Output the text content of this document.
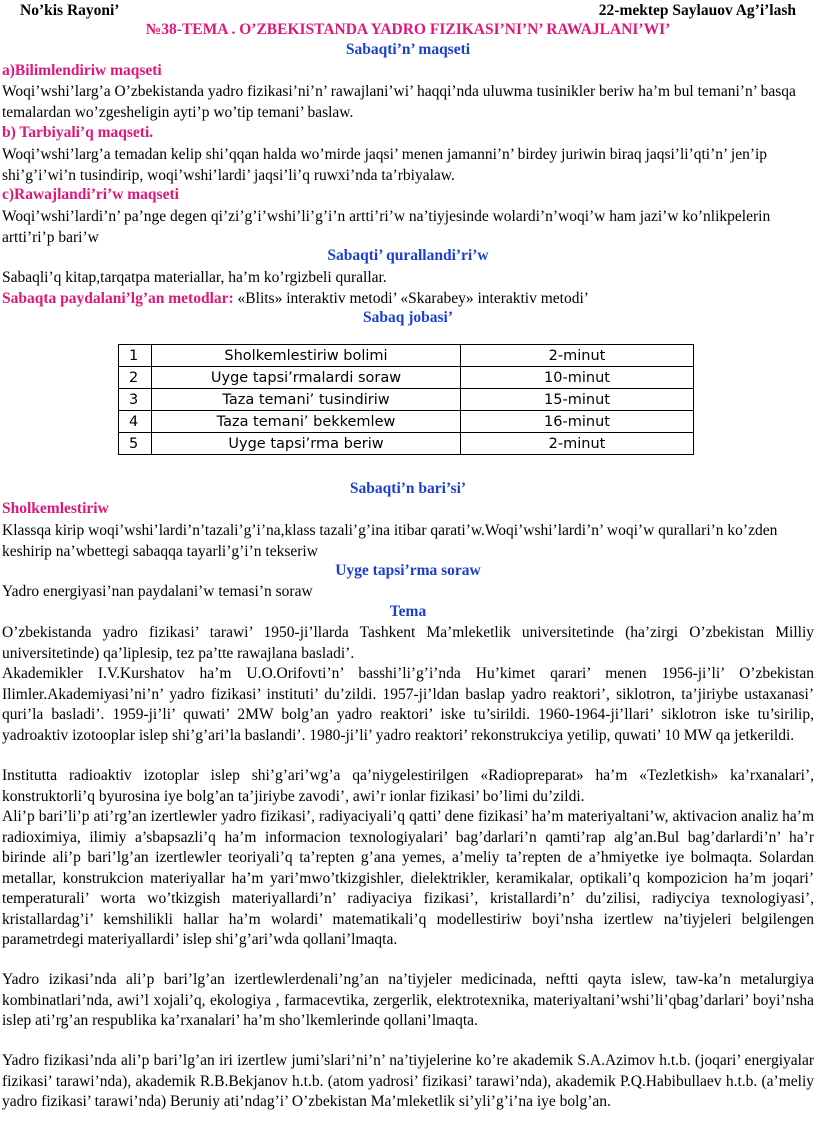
No’kis Rayoni’	22-mektep Saylauov Ag’i’lash
№38-TEMA . O’ZBEKISTANDA YADRO FIZIKASI’NI’N’ RAWAJLANI’WI’
Sabaqti’n’ maqseti
a)Bilimlendiriw maqseti
Woqi’wshi’larg’a O’zbekistanda yadro fizikasi’ni’n’ rawajlani’wi’ haqqi’nda uluwma tusinikler beriw ha’m bul temani’n’ basqa temalardan wo’zgesheligin ayti’p wo’tip temani’ baslaw.
b) Tarbiyali’q maqseti.
Woqi’wshi’larg’a temadan kelip shi’qqan halda wo’mirde jaqsi’ menen jamanni’n’ birdey juriwin biraq jaqsi’li’qti’n’ jen’ip shi’g’i’wi’n tusindirip, woqi’wshi’lardi’ jaqsi’li’q ruwxi’nda ta’rbiyalaw.
c)Rawajlandi’ri’w maqseti
Woqi’wshi’lardi’n’ pa’nge degen qi’zi’g’i’wshi’li’g’i’n artti’ri’w na’tiyjesinde wolardi’n’woqi’w ham jazi’w ko’nlikpelerin artti’ri’p bari’w
Sabaqti’ qurallandi’ri’w
Sabaqli’q kitap,tarqatpa materiallar, ha’m ko’rgizbeli qurallar.
Sabaqta paydalani’lg’an metodlar: «Blits» interaktiv metodi’ «Skarabey» interaktiv metodi’
Sabaq jobasi’
1	Sholkemlestiriw bolimi	2-minut
2	Uyge tapsi’rmalardi soraw	10-minut
3	Taza temani’ tusindiriw	15-minut
4	Taza temani’ bekkemlew	16-minut
5	Uyge tapsi’rma beriw	2-minut
Sabaqti’n bari’si’
Sholkemlestiriw
Klassqa kirip woqi’wshi’lardi’n’tazali’g’i’na,klass tazali’g’ina itibar qarati’w.Woqi’wshi’lardi’n’ woqi’w qurallari’n ko’zden keshirip na’wbettegi sabaqqa tayarli’g’i’n tekseriw
Uyge tapsi’rma soraw
Yadro energiyasi’nan paydalani’w temasi’n soraw
Tema
O’zbekistanda yadro fizikasi’ tarawi’ 1950-ji’llarda Tashkent Ma’mleketlik universitetinde (ha’zirgi O’zbekistan Milliy universitetinde) qa’liplesip, tez pa’tte rawajlana basladi’.
Akademikler I.V.Kurshatov ha’m U.O.Orifovti’n’ basshi’li’g’i’nda Hu’kimet qarari’ menen 1956-ji’li’ O’zbekistan Ilimler.Akademiyasi’ni’n’ yadro fizikasi’ instituti’ du’zildi. 1957-ji’ldan baslap yadro reaktori’, siklotron, ta’jiriybe ustaxanasi’ quri’la basladi’. 1959-ji’li’ quwati’ 2MW bolg’an yadro reaktori’ iske tu’sirildi. 1960-1964-ji’llari’ siklotron iske tu’sirilip, yadroaktiv izotooplar islep shi’g’ari’la baslandi’. 1980-ji’li’ yadro reaktori’ rekonstrukciya yetilip, quwati’ 10 MW qa jetkerildi.
Institutta radioaktiv izotoplar islep shi’g’ari’wg’a qa’niygelestirilgen «Radiopreparat» ha’m «Tezletkish» ka’rxanalari’, konstruktorli’q byurosina iye bolg’an ta’jiriybe zavodi’, awi’r ionlar fizikasi’ bo’limi du’zildi.
Ali’p bari’li’p ati’rg’an izertlewler yadro fizikasi’, radiyaciyali’q qatti’ dene fizikasi’ ha’m materiyaltani’w, aktivacion analiz ha’m radioximiya, ilimiy a’sbapsazli’q ha’m informacion texnologiyalari’ bag’darlari’n qamti’rap alg’an.Bul bag’darlardi’n’ ha’r birinde ali’p bari’lg’an izertlewler teoriyali’q ta’repten g’ana yemes, a’meliy ta’repten de a’hmiyetke iye bolmaqta. Solardan metallar, konstrukcion materiyallar ha’m yari’mwo’tkizgishler, dielektrikler, keramikalar, optikali’q kompozicion ha’m joqari’ temperaturali’ worta wo’tkizgish materiyallardi’n’ radiyaciya fizikasi’, kristallardi’n’ du’zilisi, radiyciya texnologiyasi’, kristallardag’i’ kemshilikli hallar ha’m wolardi’ matematikali’q modellestiriw boyi’nsha izertlew na’tiyjeleri belgilengen parametrdegi materiyallardi’ islep shi’g’ari’wda qollani’lmaqta.
Yadro izikasi’nda ali’p bari’lg’an izertlewlerdenali’ng’an na’tiyjeler medicinada, neftti qayta islew, taw-ka’n metalurgiya kombinatlari’nda, awi’l xojali’q, ekologiya , farmacevtika, zergerlik, elektrotexnika, materiyaltani’wshi’li’qbag’darlari’ boyi’nsha islep ati’rg’an respublika ka’rxanalari’ ha’m sho’lkemlerinde qollani’lmaqta.
Yadro fizikasi’nda ali’p bari’lg’an iri izertlew jumi’slari’ni’n’ na’tiyjelerine ko’re akademik S.A.Azimov h.t.b. (joqari’ energiyalar fizikasi’ tarawi’nda), akademik R.B.Bekjanov h.t.b. (atom yadrosi’ fizikasi’ tarawi’nda), akademik P.Q.Habibullaev h.t.b. (a’meliy yadro fizikasi’ tarawi’nda) Beruniy ati’ndag’i’ O’zbekistan Ma’mleketlik si’yli’g’i’na iye bolg’an.
